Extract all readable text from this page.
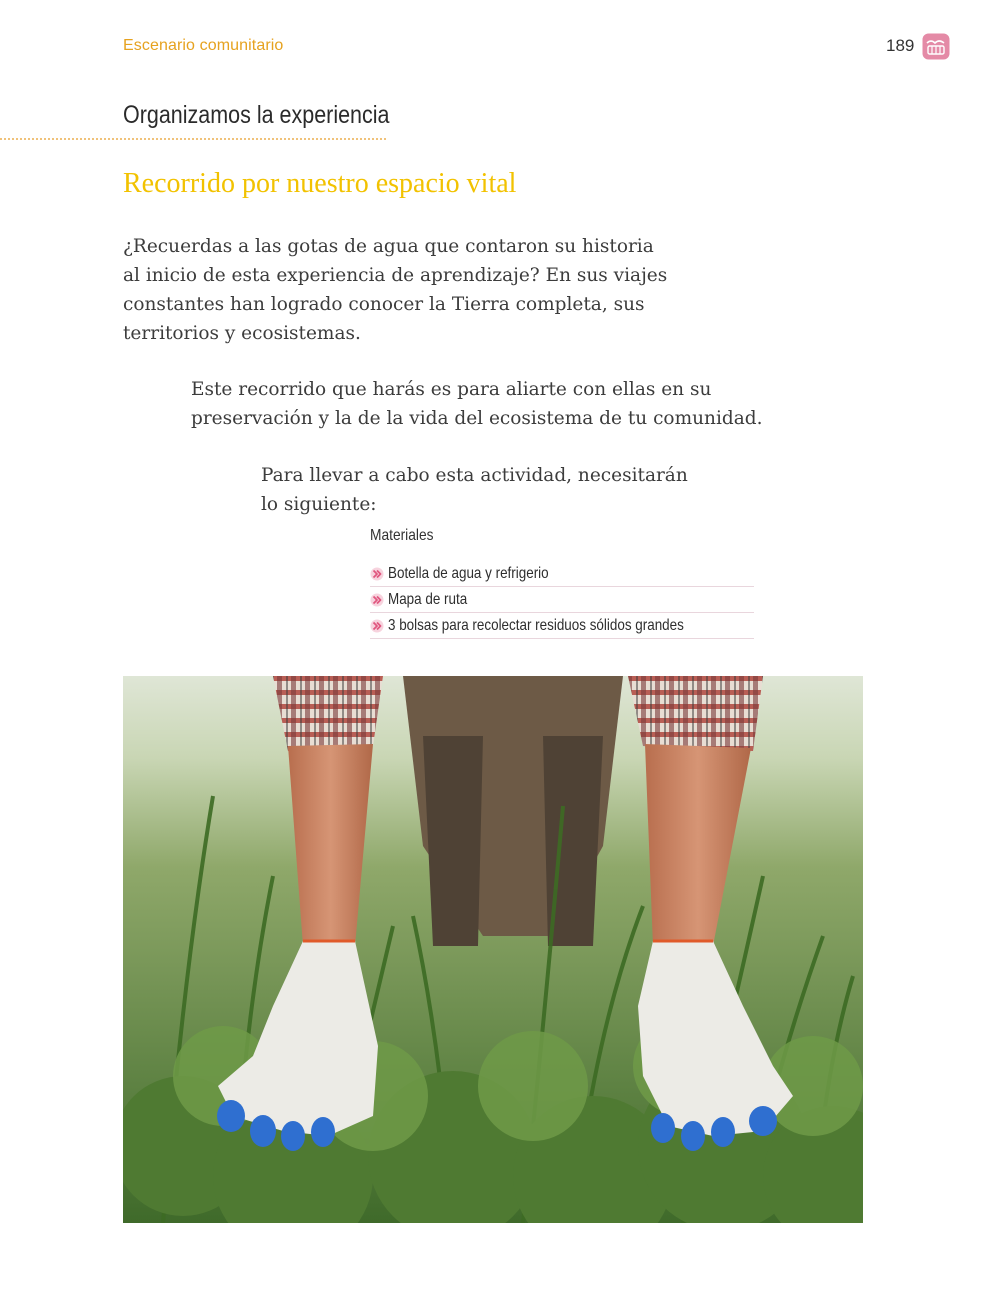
Escenario comunitario	189
Organizamos la experiencia
Recorrido por nuestro espacio vital

¿Recuerdas a las gotas de agua que contaron su historia
al inicio de esta experiencia de aprendizaje? En sus viajes
constantes han logrado conocer la Tierra completa, sus
territorios y ecosistemas.

Este recorrido que harás es para aliarte con ellas en su
preservación y la de la vida del ecosistema de tu comunidad.

Para llevar a cabo esta actividad, necesitarán
lo siguiente:

Materiales
Botella de agua y refrigerio
Mapa de ruta
3 bolsas para recolectar residuos sólidos grandes
